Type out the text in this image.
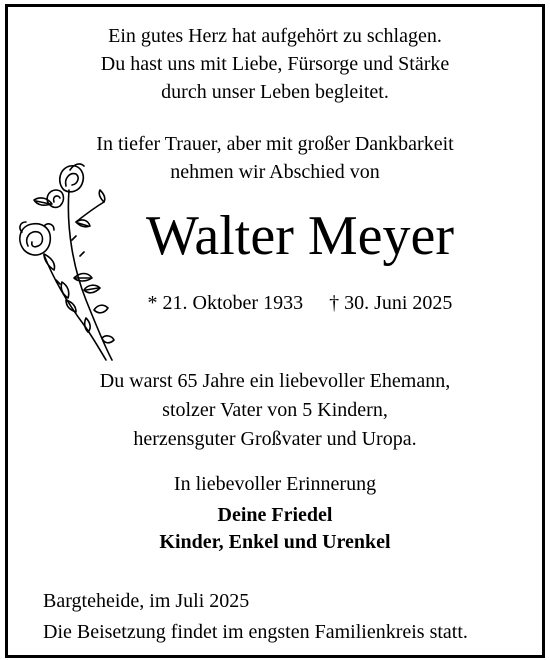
Ein gutes Herz hat aufgehört zu schlagen.
Du hast uns mit Liebe, Fürsorge und Stärke
durch unser Leben begleitet.
In tiefer Trauer, aber mit großer Dankbarkeit
nehmen wir Abschied von
Walter Meyer
* 21. Oktober 1933 † 30. Juni 2025
Du warst 65 Jahre ein liebevoller Ehemann,
stolzer Vater von 5 Kindern,
herzensguter Großvater und Uropa.
In liebevoller Erinnerung
Deine Friedel
Kinder, Enkel und Urenkel
Bargteheide, im Juli 2025
Die Beisetzung findet im engsten Familienkreis statt.
